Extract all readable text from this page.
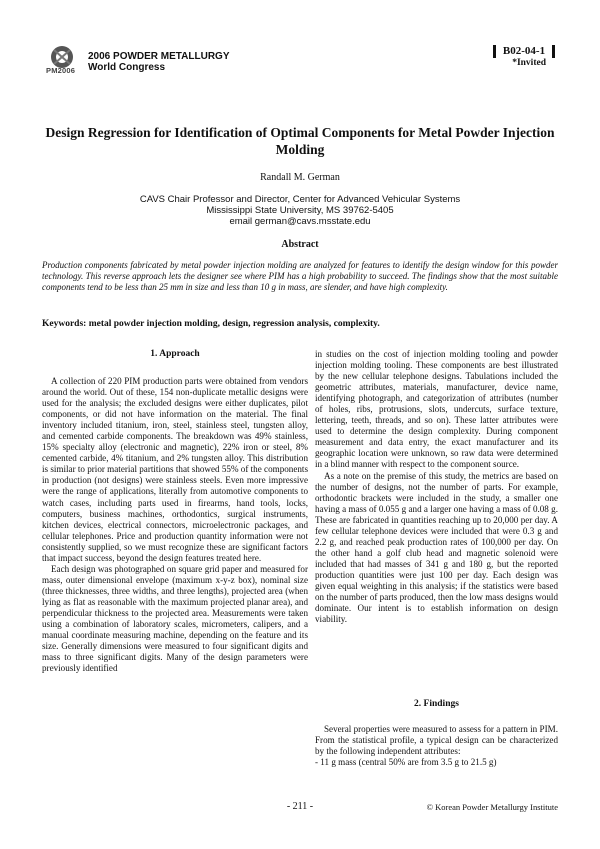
PM2006
2006 POWDER METALLURGY
World Congress
B02-04-1
*Invited
Design Regression for Identification of Optimal Components for Metal Powder Injection Molding
Randall M. German
CAVS Chair Professor and Director, Center for Advanced Vehicular Systems
Mississippi State University, MS 39762-5405
email german@cavs.msstate.edu
Abstract
Production components fabricated by metal powder injection molding are analyzed for features to identify the design window for this powder technology. This reverse approach lets the designer see where PIM has a high probability to succeed. The findings show that the most suitable components tend to be less than 25 mm in size and less than 10 g in mass, are slender, and have high complexity.
Keywords: metal powder injection molding, design, regression analysis, complexity.
1. Approach

A collection of 220 PIM production parts were obtained from vendors around the world. Out of these, 154 non-duplicate metallic designs were used for the analysis; the excluded designs were either duplicates, pilot components, or did not have information on the material. The final inventory included titanium, iron, steel, stainless steel, tungsten alloy, and cemented carbide components. The breakdown was 49% stainless, 15% specialty alloy (electronic and magnetic), 22% iron or steel, 8% cemented carbide, 4% titanium, and 2% tungsten alloy. This distribution is similar to prior material partitions that showed 55% of the components in production (not designs) were stainless steels. Even more impressive were the range of applications, literally from automotive components to watch cases, including parts used in firearms, hand tools, locks, computers, business machines, orthodontics, surgical instruments, kitchen devices, electrical connectors, microelectronic packages, and cellular telephones. Price and production quantity information were not consistently supplied, so we must recognize these are significant factors that impact success, beyond the design features treated here.

Each design was photographed on square grid paper and measured for mass, outer dimensional envelope (maximum x-y-z box), nominal size (three thicknesses, three widths, and three lengths), projected area (when lying as flat as reasonable with the maximum projected planar area), and perpendicular thickness to the projected area. Measurements were taken using a combination of laboratory scales, micrometers, calipers, and a manual coordinate measuring machine, depending on the feature and its size. Generally dimensions were measured to four significant digits and mass to three significant digits. Many of the design parameters were previously identified

in studies on the cost of injection molding tooling and powder injection molding tooling. These components are best illustrated by the new cellular telephone designs. Tabulations included the geometric attributes, materials, manufacturer, device name, identifying photograph, and categorization of attributes (number of holes, ribs, protrusions, slots, undercuts, surface texture, lettering, teeth, threads, and so on). These latter attributes were used to determine the design complexity. During component measurement and data entry, the exact manufacturer and its geographic location were unknown, so raw data were determined in a blind manner with respect to the component source.

As a note on the premise of this study, the metrics are based on the number of designs, not the number of parts. For example, orthodontic brackets were included in the study, a smaller one having a mass of 0.055 g and a larger one having a mass of 0.08 g. These are fabricated in quantities reaching up to 20,000 per day. A few cellular telephone devices were included that were 0.3 g and 2.2 g, and reached peak production rates of 100,000 per day. On the other hand a golf club head and magnetic solenoid were included that had masses of 341 g and 180 g, but the reported production quantities were just 100 per day. Each design was given equal weighting in this analysis; if the statistics were based on the number of parts produced, then the low mass designs would dominate. Our intent is to establish information on design viability.

2. Findings

Several properties were measured to assess for a pattern in PIM. From the statistical profile, a typical design can be characterized by the following independent attributes:

- 11 g mass (central 50% are from 3.5 g to 21.5 g)

- 211 -	© Korean Powder Metallurgy Institute
